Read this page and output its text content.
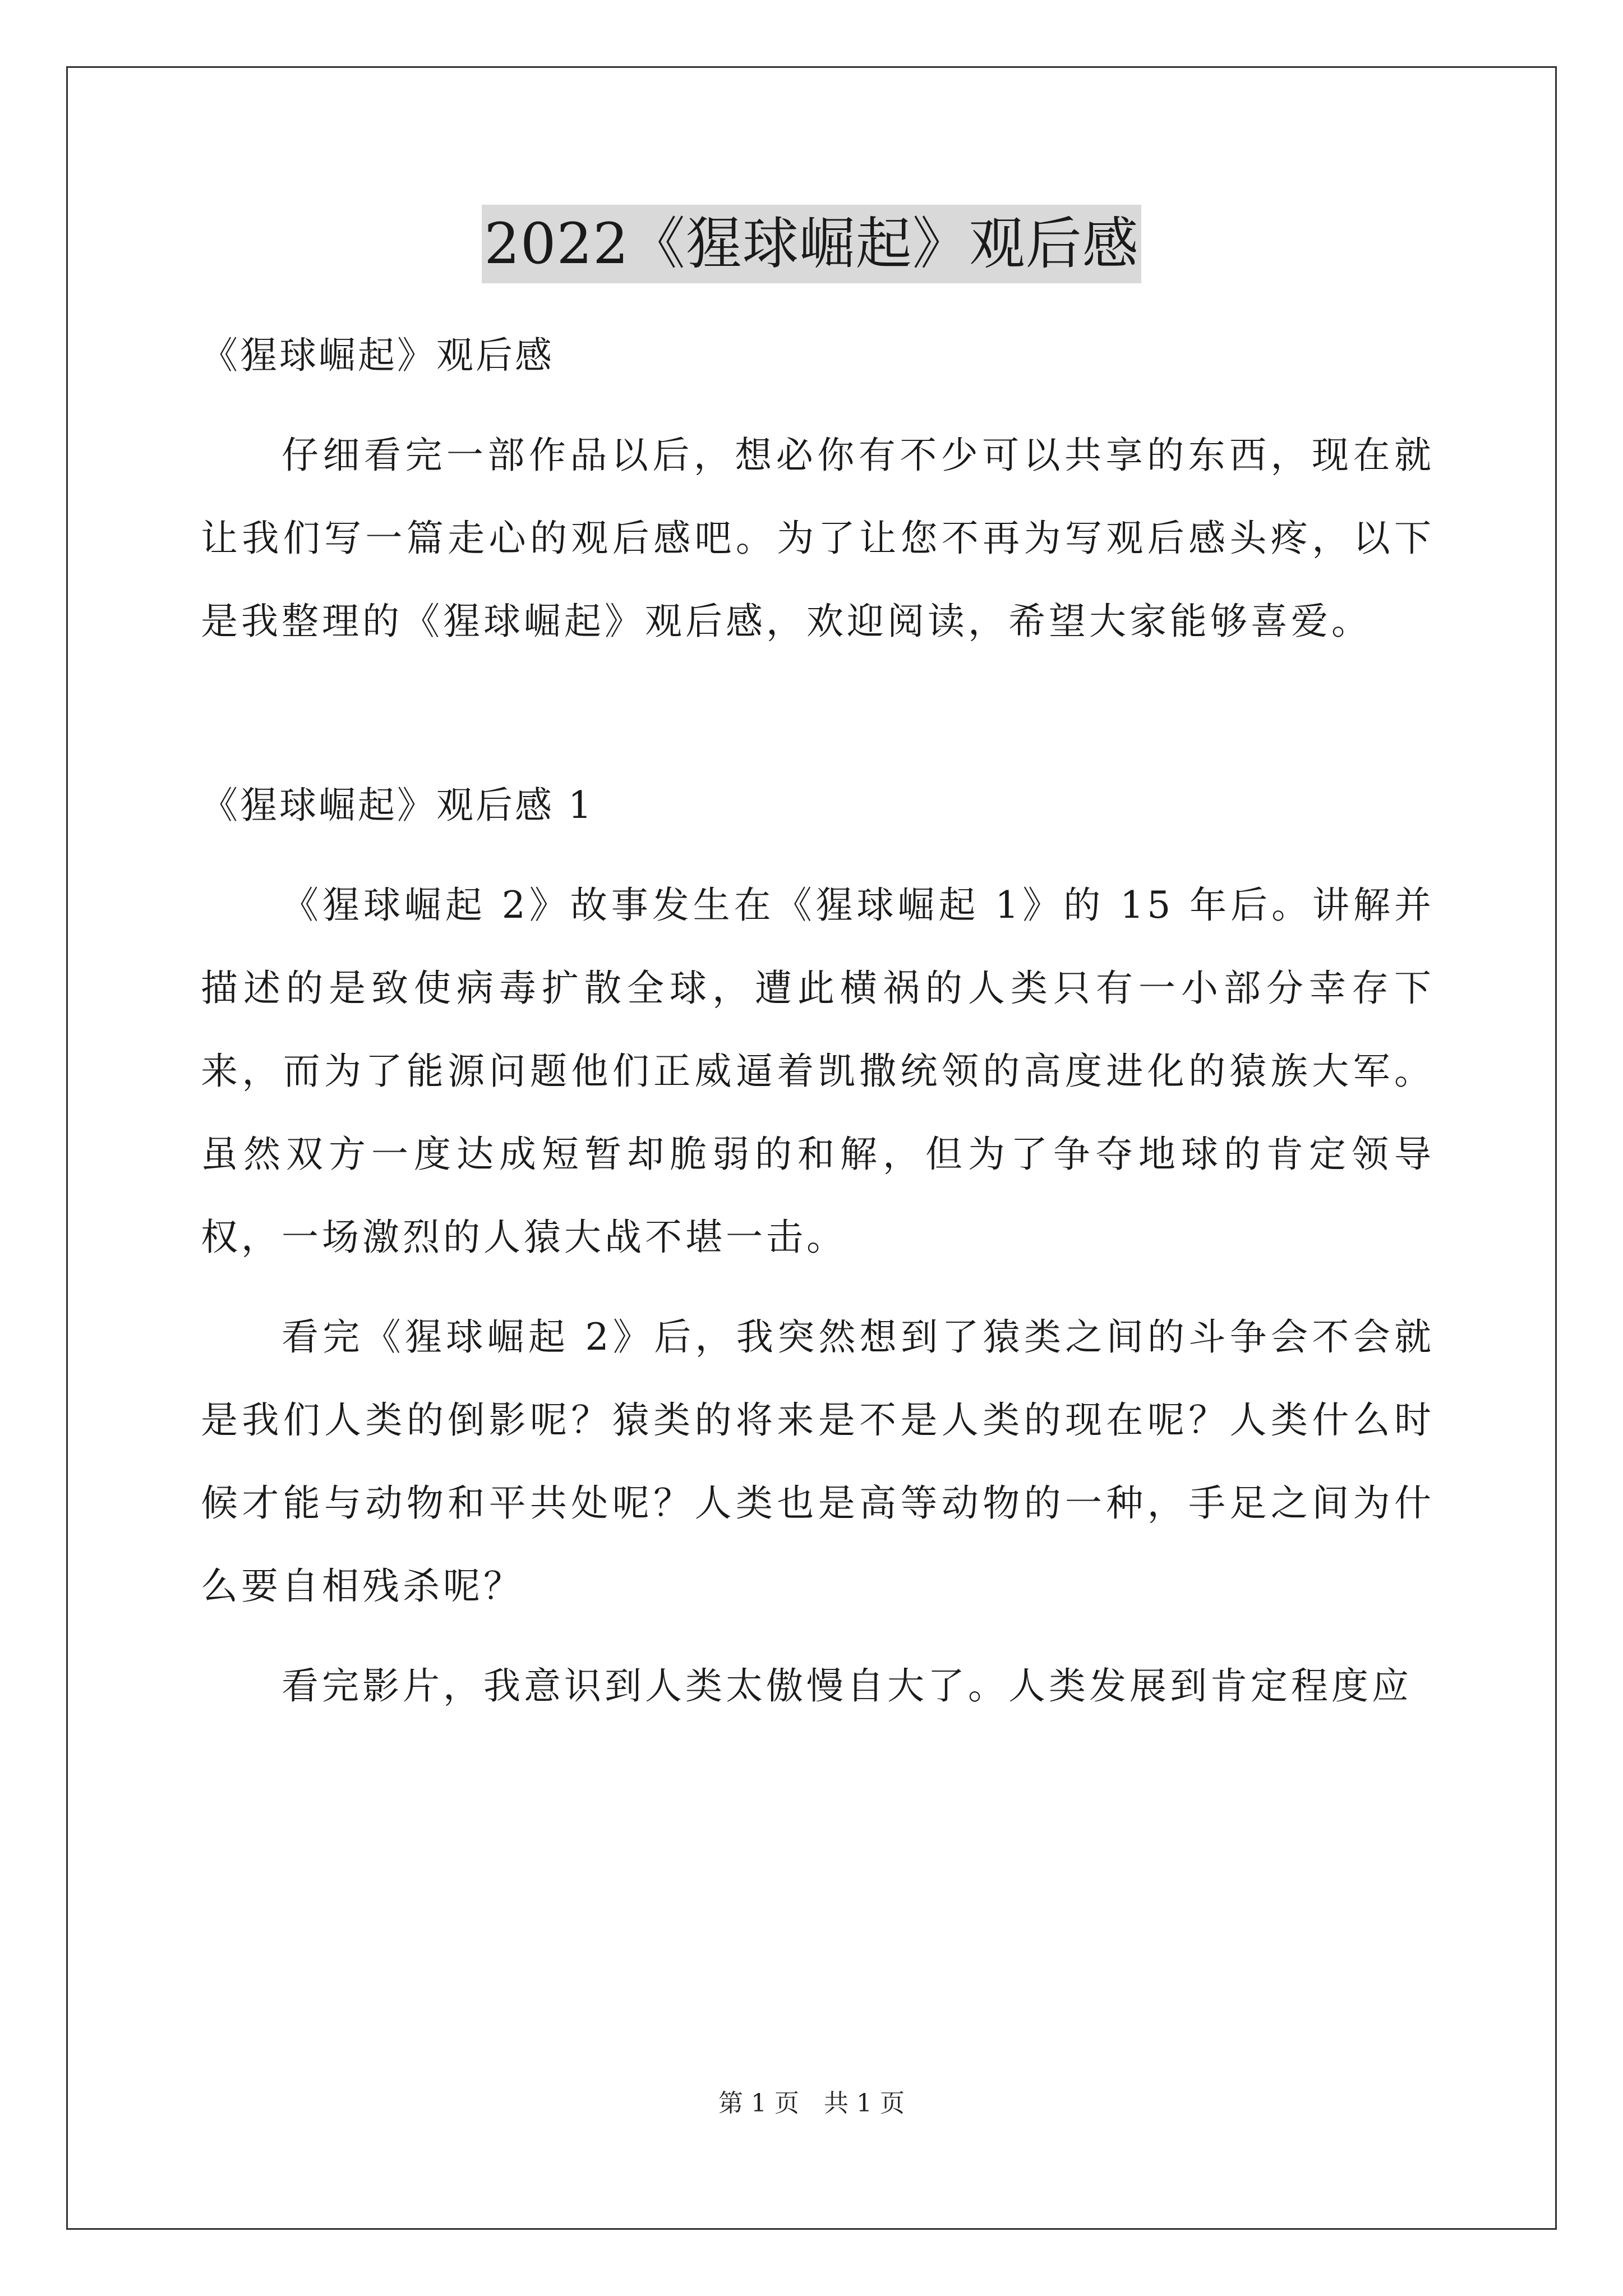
2022《猩球崛起》观后感

《猩球崛起》观后感

仔细看完一部作品以后，想必你有不少可以共享的东西，现在就让我们写一篇走心的观后感吧。为了让您不再为写观后感头疼，以下是我整理的《猩球崛起》观后感，欢迎阅读，希望大家能够喜爱。

《猩球崛起》观后感 1

《猩球崛起 2》故事发生在《猩球崛起 1》的 15 年后。讲解并描述的是致使病毒扩散全球，遭此横祸的人类只有一小部分幸存下来，而为了能源问题他们正威逼着凯撒统领的高度进化的猿族大军。虽然双方一度达成短暂却脆弱的和解，但为了争夺地球的肯定领导权，一场激烈的人猿大战不堪一击。

看完《猩球崛起 2》后，我突然想到了猿类之间的斗争会不会就是我们人类的倒影呢？猿类的将来是不是人类的现在呢？人类什么时候才能与动物和平共处呢？人类也是高等动物的一种，手足之间为什么要自相残杀呢？

看完影片，我意识到人类太傲慢自大了。人类发展到肯定程度应

第 1 页 共 1 页
